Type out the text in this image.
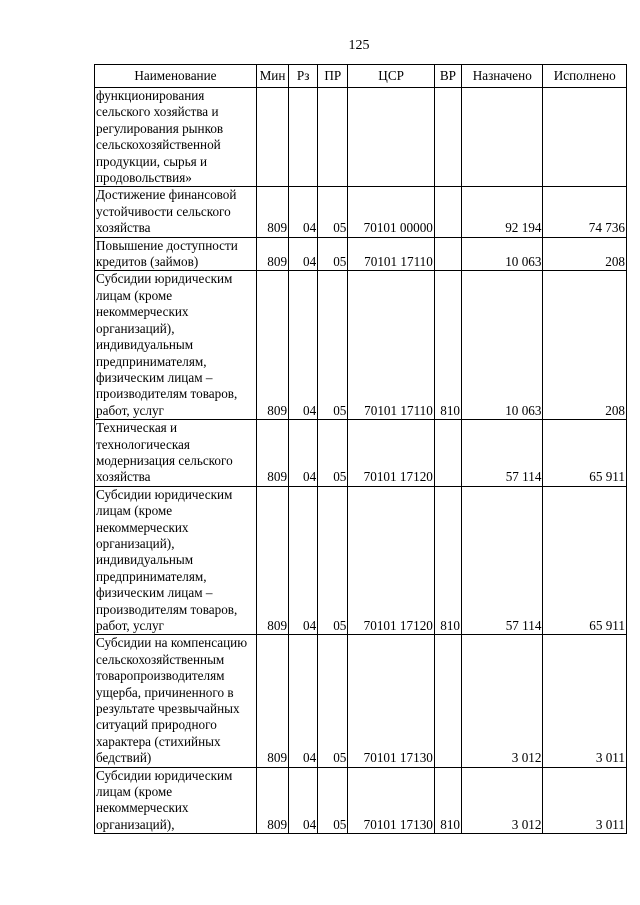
125
Наименование	Мин	Рз	ПР	ЦСР	ВР	Назначено	Исполнено
функционирования сельского хозяйства и регулирования рынков сельскохозяйственной продукции, сырья и продовольствия»							
Достижение финансовой устойчивости сельского хозяйства	809	04	05	70101 00000		92 194	74 736
Повышение доступности кредитов (займов)	809	04	05	70101 17110		10 063	208
Субсидии юридическим лицам (кроме некоммерческих организаций), индивидуальным предпринимателям, физическим лицам – производителям товаров, работ, услуг	809	04	05	70101 17110	810	10 063	208
Техническая и технологическая модернизация сельского хозяйства	809	04	05	70101 17120		57 114	65 911
Субсидии юридическим лицам (кроме некоммерческих организаций), индивидуальным предпринимателям, физическим лицам – производителям товаров, работ, услуг	809	04	05	70101 17120	810	57 114	65 911
Субсидии на компенсацию сельскохозяйственным товаропроизводителям ущерба, причиненного в результате чрезвычайных ситуаций природного характера (стихийных бедствий)	809	04	05	70101 17130		3 012	3 011
Субсидии юридическим лицам (кроме некоммерческих организаций),	809	04	05	70101 17130	810	3 012	3 011
